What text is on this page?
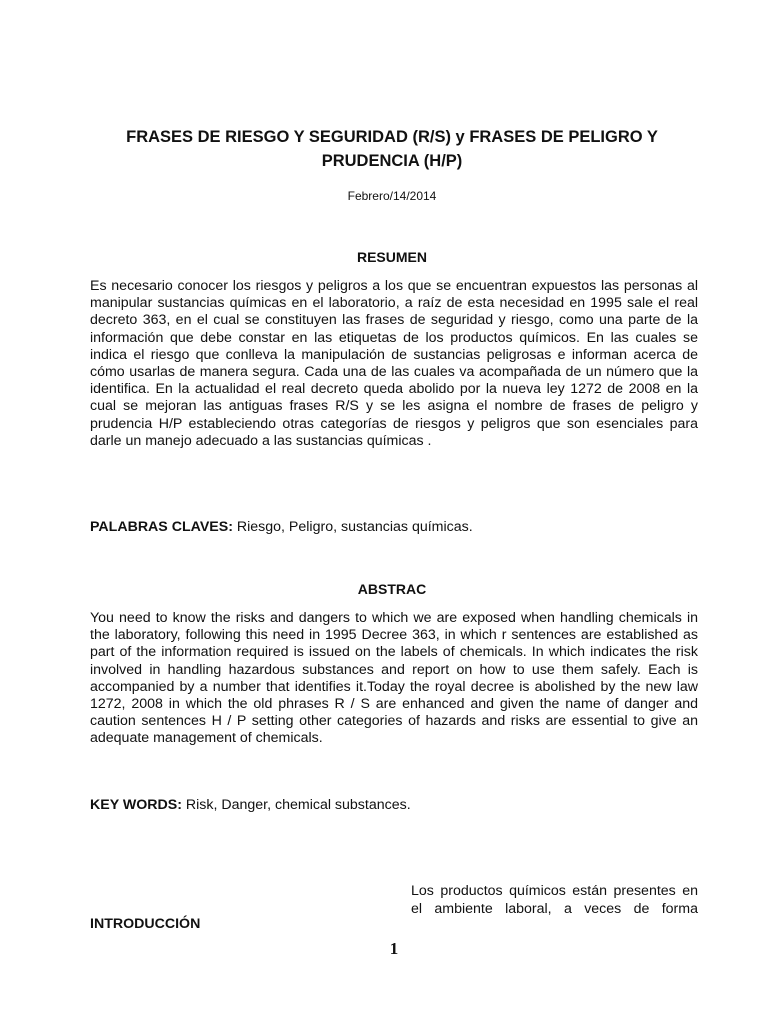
FRASES DE RIESGO Y SEGURIDAD (R/S) y FRASES DE PELIGRO Y PRUDENCIA (H/P)
Febrero/14/2014
RESUMEN

Es necesario conocer los riesgos y peligros a los que se encuentran expuestos las personas al manipular sustancias químicas en el laboratorio, a raíz de esta necesidad en 1995 sale el real decreto 363, en el cual se constituyen las frases de seguridad y riesgo, como una parte de la información que debe constar en las etiquetas de los productos químicos. En las cuales se indica el riesgo que conlleva la manipulación de sustancias peligrosas e informan acerca de cómo usarlas de manera segura. Cada una de las cuales va acompañada de un número que la identifica. En la actualidad el real decreto queda abolido por la nueva ley 1272 de 2008 en la cual se mejoran las antiguas frases R/S y se les asigna el nombre de frases de peligro y prudencia H/P estableciendo otras categorías de riesgos y peligros que son esenciales para darle un manejo adecuado a las sustancias químicas .

PALABRAS CLAVES: Riesgo, Peligro, sustancias químicas.

ABSTRAC

You need to know the risks and dangers to which we are exposed when handling chemicals in the laboratory, following this need in 1995 Decree 363, in which r sentences are established as part of the information required is issued on the labels of chemicals. In which indicates the risk involved in handling hazardous substances and report on how to use them safely. Each is accompanied by a number that identifies it.Today the royal decree is abolished by the new law 1272, 2008 in which the old phrases R / S are enhanced and given the name of danger and caution sentences H / P setting other categories of hazards and risks are essential to give an adequate management of chemicals.

KEY WORDS: Risk, Danger, chemical substances.

INTRODUCCIÓN

Los productos químicos están presentes en el ambiente laboral, a veces de forma

1
